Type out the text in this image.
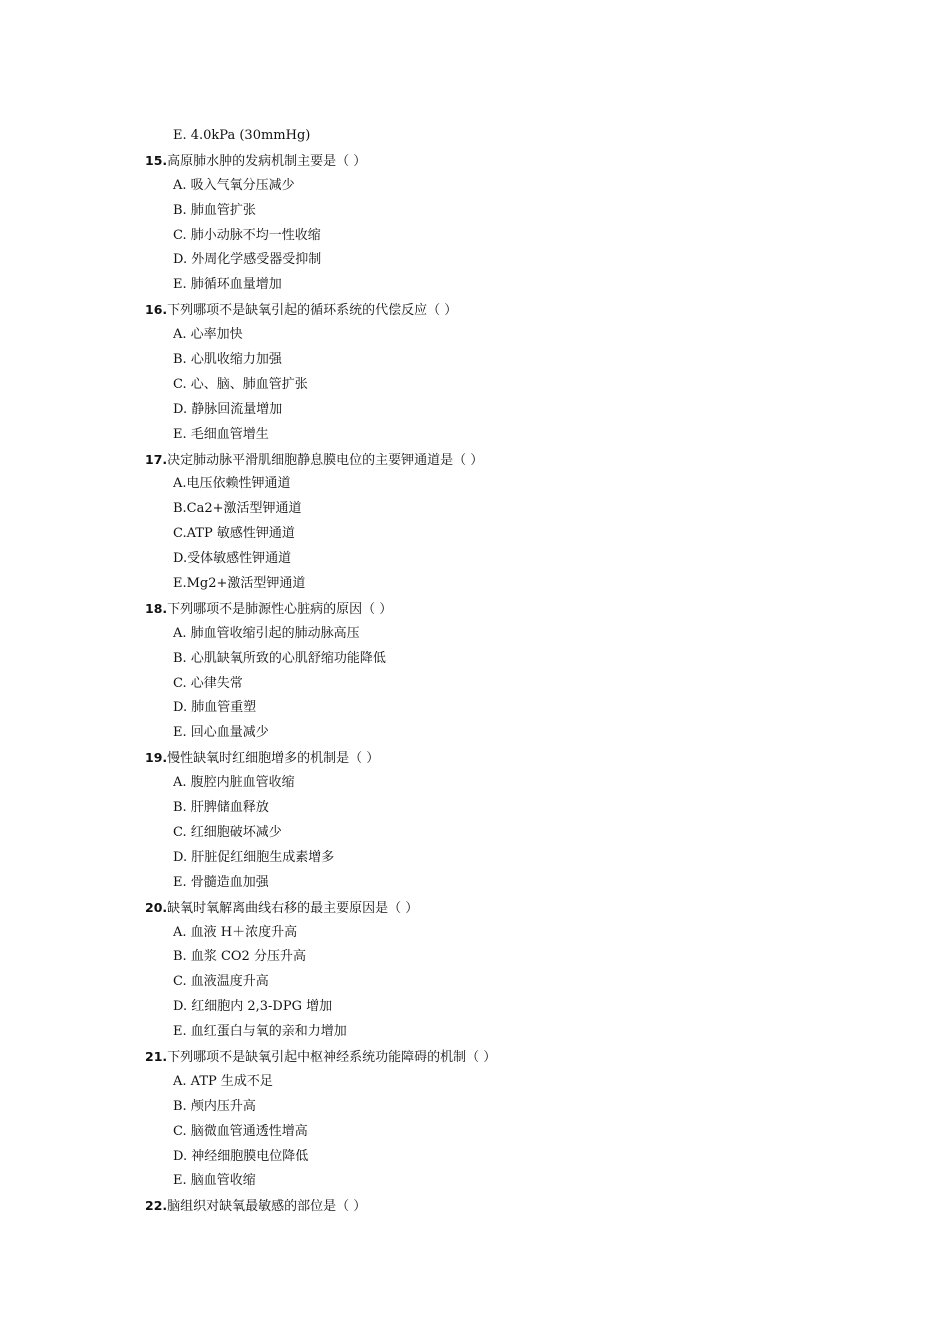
E. 4.0kPa (30mmHg)
15.高原肺水肿的发病机制主要是（ ）
A. 吸入气氧分压减少
B. 肺血管扩张
C. 肺小动脉不均一性收缩
D. 外周化学感受器受抑制
E. 肺循环血量增加
16.下列哪项不是缺氧引起的循环系统的代偿反应（ ）
A. 心率加快
B. 心肌收缩力加强
C. 心、脑、肺血管扩张
D. 静脉回流量增加
E. 毛细血管增生
17.决定肺动脉平滑肌细胞静息膜电位的主要钾通道是（ ）
A.电压依赖性钾通道
B.Ca2+激活型钾通道
C.ATP 敏感性钾通道
D.受体敏感性钾通道
E.Mg2+激活型钾通道
18.下列哪项不是肺源性心脏病的原因（ ）
A. 肺血管收缩引起的肺动脉高压
B. 心肌缺氧所致的心肌舒缩功能降低
C. 心律失常
D. 肺血管重塑
E. 回心血量减少
19.慢性缺氧时红细胞增多的机制是（ ）
A. 腹腔内脏血管收缩
B. 肝脾储血释放
C. 红细胞破坏减少
D. 肝脏促红细胞生成素增多
E. 骨髓造血加强
20.缺氧时氧解离曲线右移的最主要原因是（ ）
A. 血液 H＋浓度升高
B. 血浆 CO2 分压升高
C. 血液温度升高
D. 红细胞内 2,3-DPG 增加
E. 血红蛋白与氧的亲和力增加
21.下列哪项不是缺氧引起中枢神经系统功能障碍的机制（ ）
A. ATP 生成不足
B. 颅内压升高
C. 脑微血管通透性增高
D. 神经细胞膜电位降低
E. 脑血管收缩
22.脑组织对缺氧最敏感的部位是（ ）
